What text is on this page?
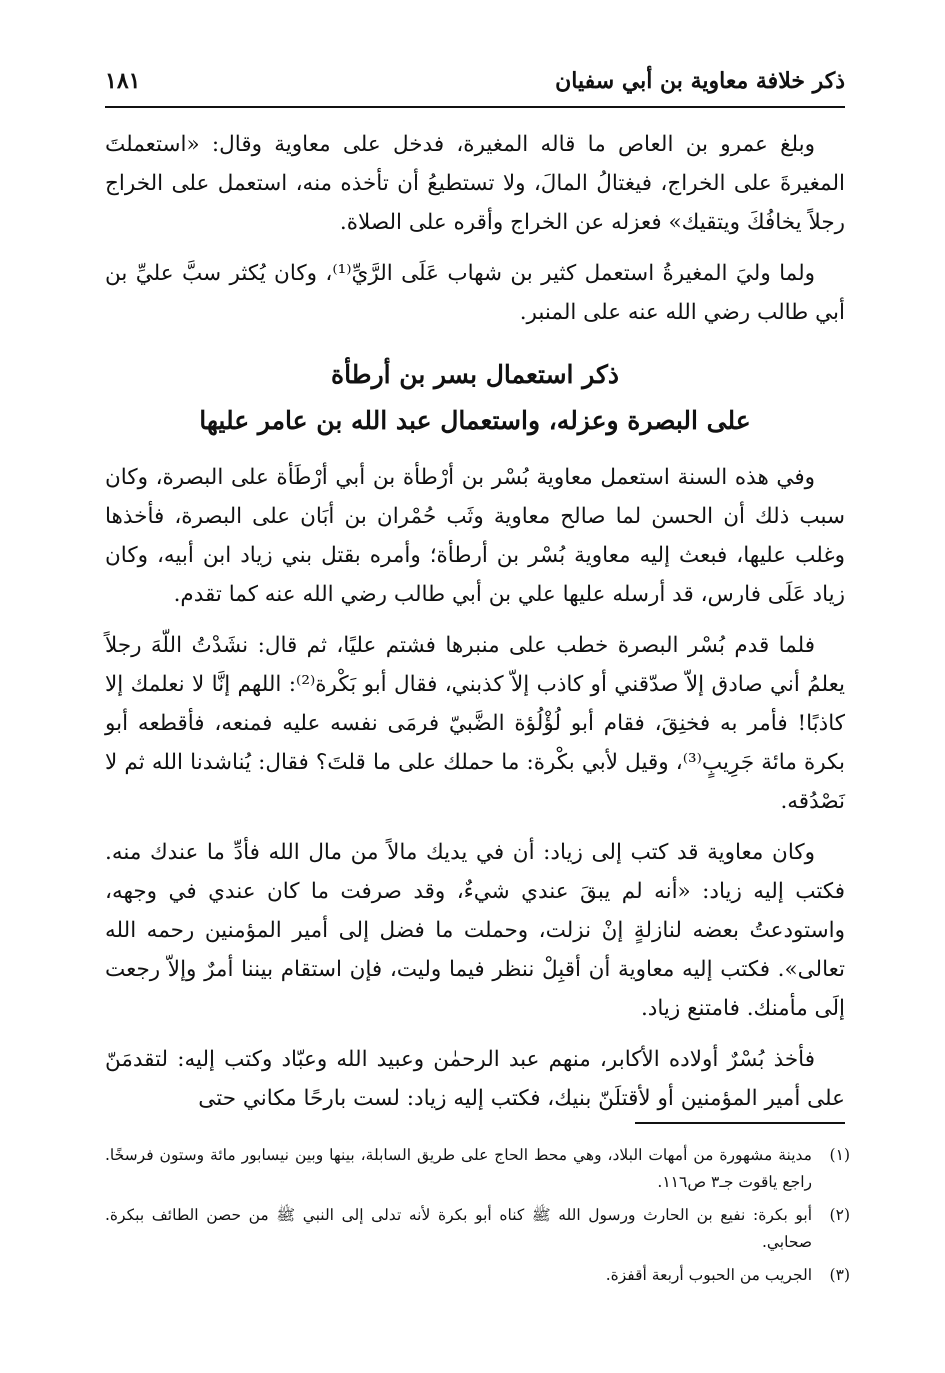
ذكر خلافة معاوية بن أبي سفيان
١٨١

وبلغ عمرو بن العاص ما قاله المغيرة، فدخل على معاوية وقال: «استعملتَ المغيرةَ على الخراج، فيغتالُ المالَ، ولا تستطيعُ أن تأخذه منه، استعمل على الخراج رجلاً يخافُكَ ويتقيك» فعزله عن الخراج وأقره على الصلاة.

ولما وليَ المغيرةُ استعمل كثير بن شهاب عَلَى الرَّيِّ⁽¹⁾، وكان يُكثر سبَّ عليِّ بن أبي طالب رضي الله عنه على المنبر.

ذكر استعمال بسر بن أرطأة
على البصرة وعزله، واستعمال عبد الله بن عامر عليها

وفي هذه السنة استعمل معاوية بُسْر بن أرْطأة بن أبي أرْطَأة على البصرة، وكان سبب ذلك أن الحسن لما صالح معاوية وثَب حُمْران بن أبَان على البصرة، فأخذها وغلب عليها، فبعث إليه معاوية بُسْر بن أرطأة؛ وأمره بقتل بني زياد ابن أبيه، وكان زياد عَلَى فارس، قد أرسله عليها علي بن أبي طالب رضي الله عنه كما تقدم.

فلما قدم بُسْر البصرة خطب على منبرها فشتم عليًا، ثم قال: نشَدْتُ اللّهَ رجلاً يعلمُ أني صادق إلاّ صدّقني أو كاذب إلاّ كذبني، فقال أبو بَكْرة⁽²⁾: اللهم إنَّا لا نعلمك إلا كاذبًا! فأمر به فخنِقَ، فقام أبو لُؤْلُؤة الضَّبيّ فرمَى نفسه عليه فمنعه، فأقطعه أبو بكرة مائة جَرِيبٍ⁽³⁾، وقيل لأبي بكْرة: ما حملك على ما قلتَ؟ فقال: يُناشدنا الله ثم لا نَصْدُقه.

وكان معاوية قد كتب إلى زياد: أن في يديك مالاً من مال الله فأدِّ ما عندك منه. فكتب إليه زياد: «أنه لم يبقَ عندي شيءٌ، وقد صرفت ما كان عندي في وجهه، واستودعتُ بعضه لنازلةٍ إنْ نزلت، وحملت ما فضل إلى أمير المؤمنين رحمه الله تعالى». فكتب إليه معاوية أن أقبِلْ ننظر فيما وليت، فإن استقام بيننا أمرٌ وإلاّ رجعت إلَى مأمنك. فامتنع زياد.

فأخذ بُسْرٌ أولاده الأكابر، منهم عبد الرحمٰن وعبيد الله وعبّاد وكتب إليه: لتقدمَنّ على أمير المؤمنين أو لأقتلَنّ بنيك، فكتب إليه زياد: لست بارحًا مكاني حتى

(١)
مدينة مشهورة من أمهات البلاد، وهي محط الحاج على طريق السابلة، بينها وبين نيسابور مائة وستون فرسخًا. راجع ياقوت جـ٣ ص١١٦.
(٢)
أبو بكرة: نفيع بن الحارث ورسول الله ﷺ كناه أبو بكرة لأنه تدلى إلى النبي ﷺ من حصن الطائف ببكرة. صحابي.
(٣)
الجريب من الحبوب أربعة أقفزة.
